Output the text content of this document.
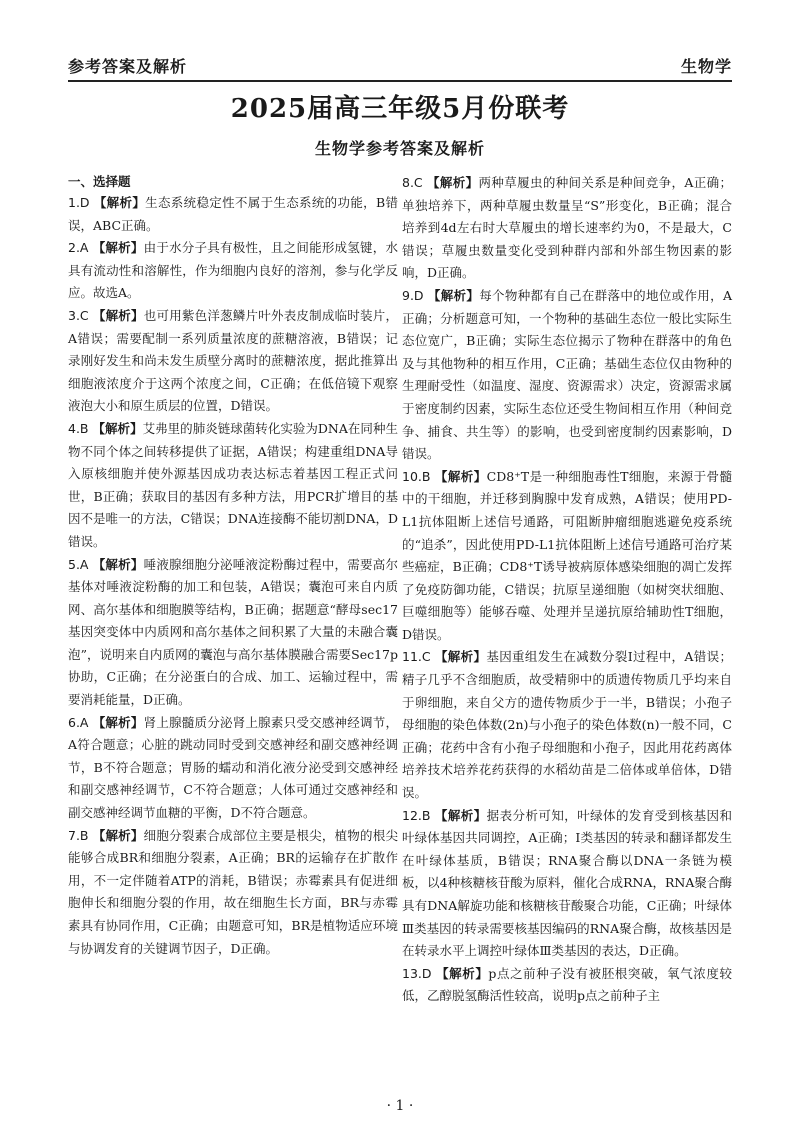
参考答案及解析	生物学
2025届高三年级5月份联考
生物学参考答案及解析

一、选择题

1.D 【解析】生态系统稳定性不属于生态系统的功能，B错误，ABC正确。

2.A 【解析】由于水分子具有极性，且之间能形成氢键，水具有流动性和溶解性，作为细胞内良好的溶剂，参与化学反应。故选A。

3.C 【解析】也可用紫色洋葱鳞片叶外表皮制成临时装片，A错误；需要配制一系列质量浓度的蔗糖溶液，B错误；记录刚好发生和尚未发生质壁分离时的蔗糖浓度，据此推算出细胞液浓度介于这两个浓度之间，C正确；在低倍镜下观察液泡大小和原生质层的位置，D错误。

4.B 【解析】艾弗里的肺炎链球菌转化实验为DNA在同种生物不同个体之间转移提供了证据，A错误；构建重组DNA导入原核细胞并使外源基因成功表达标志着基因工程正式问世，B正确；获取目的基因有多种方法，用PCR扩增目的基因不是唯一的方法，C错误；DNA连接酶不能切割DNA，D错误。

5.A 【解析】唾液腺细胞分泌唾液淀粉酶过程中，需要高尔基体对唾液淀粉酶的加工和包装，A错误；囊泡可来自内质网、高尔基体和细胞膜等结构，B正确；据题意“酵母sec17基因突变体中内质网和高尔基体之间积累了大量的未融合囊泡”，说明来自内质网的囊泡与高尔基体膜融合需要Sec17p协助，C正确；在分泌蛋白的合成、加工、运输过程中，需要消耗能量，D正确。

6.A 【解析】肾上腺髓质分泌肾上腺素只受交感神经调节，A符合题意；心脏的跳动同时受到交感神经和副交感神经调节，B不符合题意；胃肠的蠕动和消化液分泌受到交感神经和副交感神经调节，C不符合题意；人体可通过交感神经和副交感神经调节血糖的平衡，D不符合题意。

7.B 【解析】细胞分裂素合成部位主要是根尖，植物的根尖能够合成BR和细胞分裂素，A正确；BR的运输存在扩散作用，不一定伴随着ATP的消耗，B错误；赤霉素具有促进细胞伸长和细胞分裂的作用，故在细胞生长方面，BR与赤霉素具有协同作用，C正确；由题意可知，BR是植物适应环境与协调发育的关键调节因子，D正确。

8.C 【解析】两种草履虫的种间关系是种间竞争，A正确；单独培养下，两种草履虫数量呈“S”形变化，B正确；混合培养到4d左右时大草履虫的增长速率约为0，不是最大，C错误；草履虫数量变化受到种群内部和外部生物因素的影响，D正确。

9.D 【解析】每个物种都有自己在群落中的地位或作用，A正确；分析题意可知，一个物种的基础生态位一般比实际生态位宽广，B正确；实际生态位揭示了物种在群落中的角色及与其他物种的相互作用，C正确；基础生态位仅由物种的生理耐受性（如温度、湿度、资源需求）决定，资源需求属于密度制约因素，实际生态位还受生物间相互作用（种间竞争、捕食、共生等）的影响，也受到密度制约因素影响，D错误。

10.B 【解析】CD8⁺T是一种细胞毒性T细胞，来源于骨髓中的干细胞，并迁移到胸腺中发育成熟，A错误；使用PD-L1抗体阻断上述信号通路，可阻断肿瘤细胞逃避免疫系统的“追杀”，因此使用PD-L1抗体阻断上述信号通路可治疗某些癌症，B正确；CD8⁺T诱导被病原体感染细胞的凋亡发挥了免疫防御功能，C错误；抗原呈递细胞（如树突状细胞、巨噬细胞等）能够吞噬、处理并呈递抗原给辅助性T细胞，D错误。

11.C 【解析】基因重组发生在减数分裂Ⅰ过程中，A错误；精子几乎不含细胞质，故受精卵中的质遗传物质几乎均来自于卵细胞，来自父方的遗传物质少于一半，B错误；小孢子母细胞的染色体数(2n)与小孢子的染色体数(n)一般不同，C正确；花药中含有小孢子母细胞和小孢子，因此用花药离体培养技术培养花药获得的水稻幼苗是二倍体或单倍体，D错误。

12.B 【解析】据表分析可知，叶绿体的发育受到核基因和叶绿体基因共同调控，A正确；Ⅰ类基因的转录和翻译都发生在叶绿体基质，B错误；RNA聚合酶以DNA一条链为模板，以4种核糖核苷酸为原料，催化合成RNA，RNA聚合酶具有DNA解旋功能和核糖核苷酸聚合功能，C正确；叶绿体Ⅲ类基因的转录需要核基因编码的RNA聚合酶，故核基因是在转录水平上调控叶绿体Ⅲ类基因的表达，D正确。

13.D 【解析】p点之前种子没有被胚根突破，氧气浓度较低，乙醇脱氢酶活性较高，说明p点之前种子主

· 1 ·
